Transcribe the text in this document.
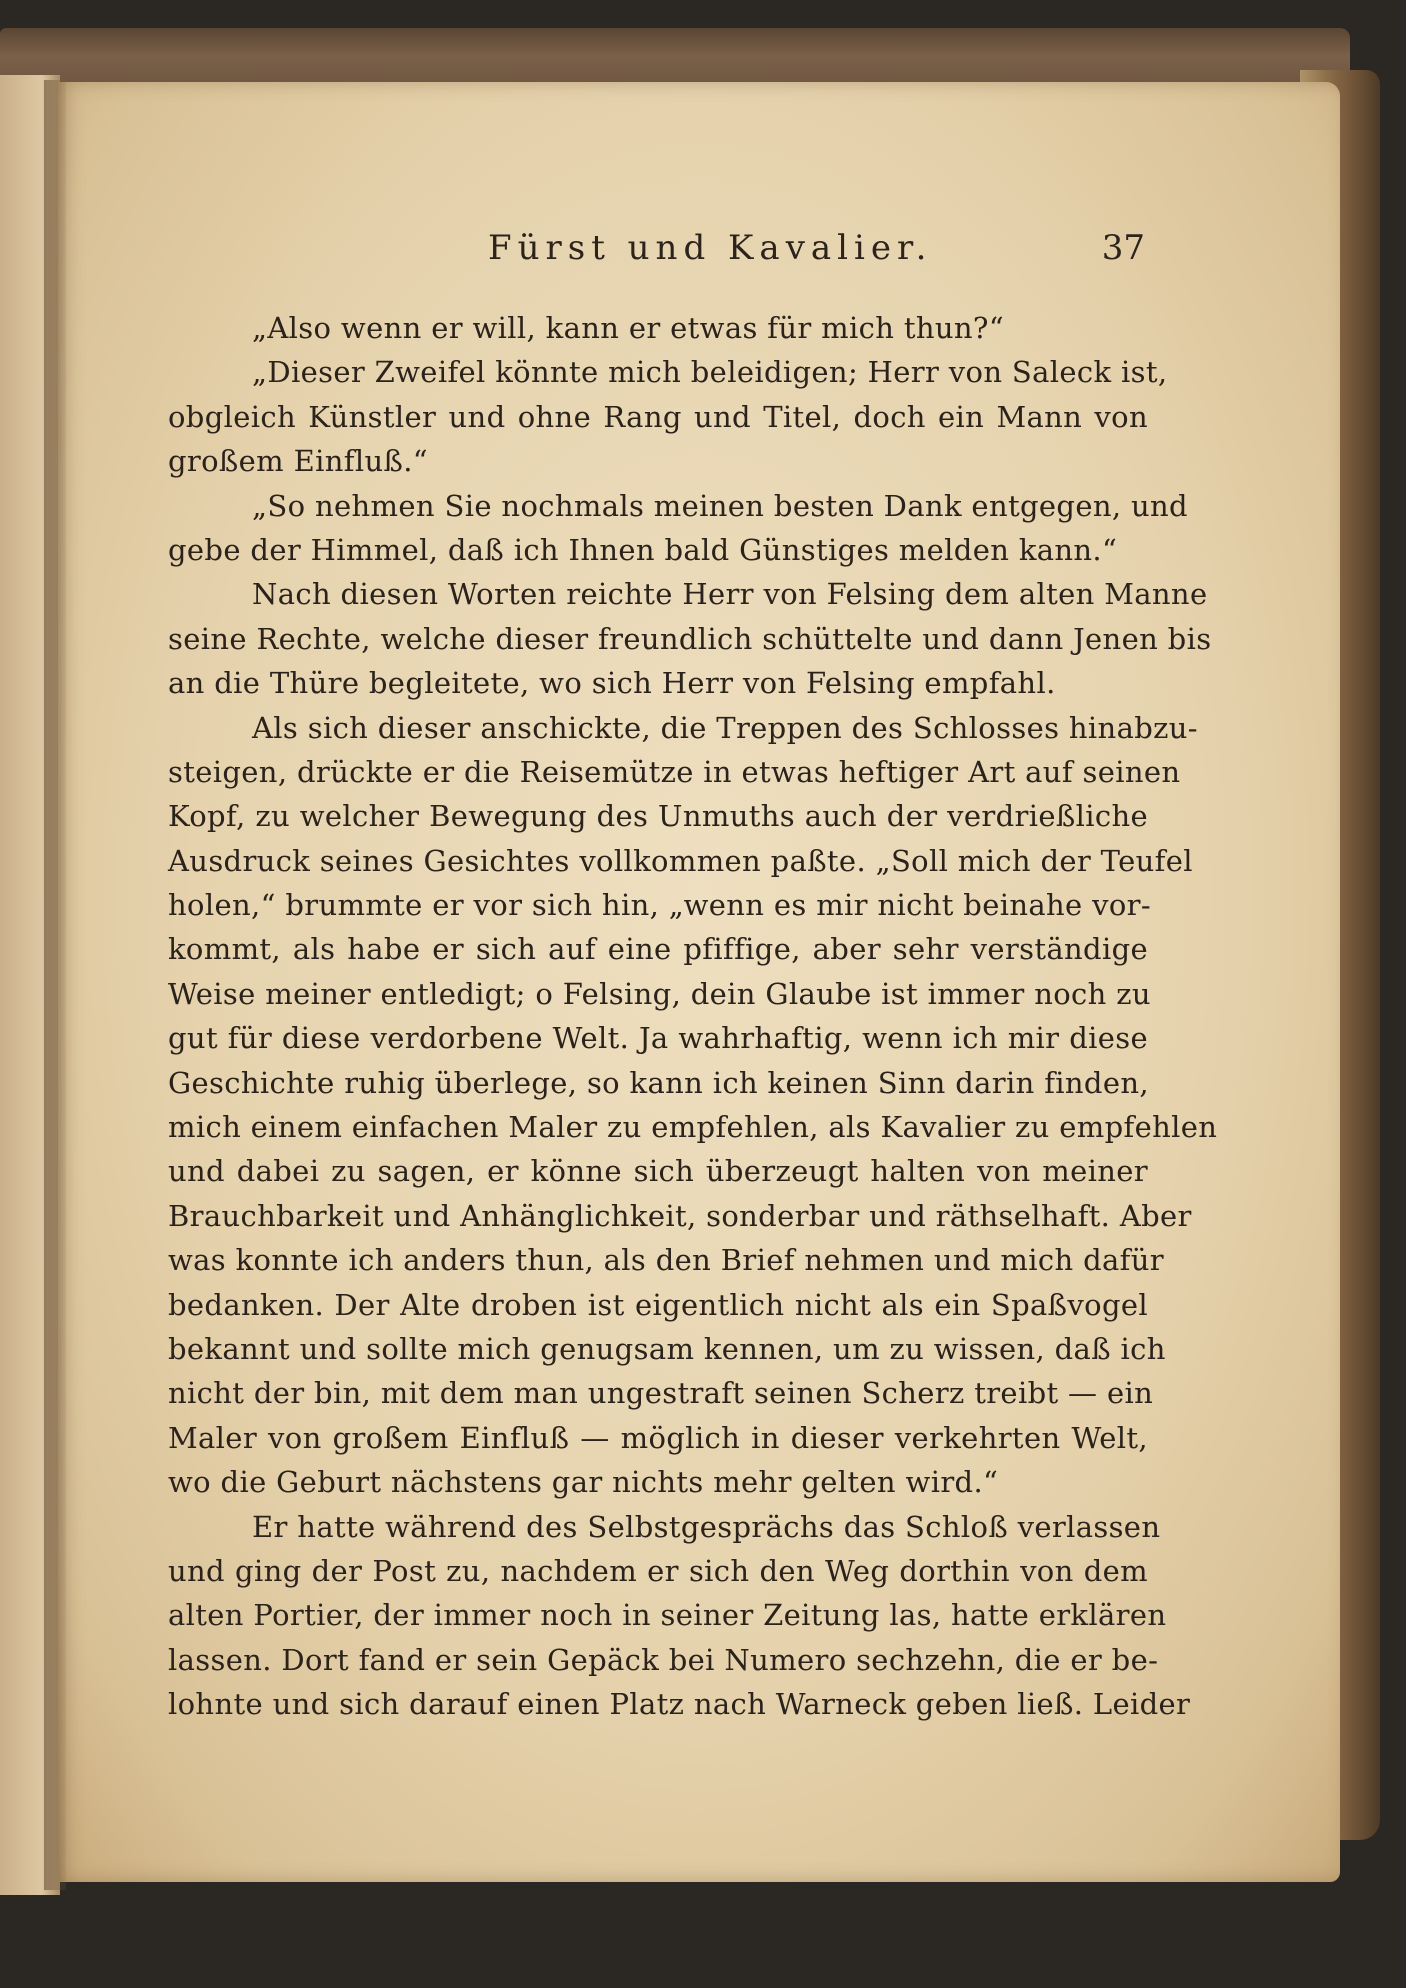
Fürst und Kavalier.	37
„Also wenn er will, kann er etwas für mich thun?“
„Dieser Zweifel könnte mich beleidigen; Herr von Saleck ist,
obgleich Künstler und ohne Rang und Titel, doch ein Mann von
großem Einfluß.“
„So nehmen Sie nochmals meinen besten Dank entgegen, und
gebe der Himmel, daß ich Ihnen bald Günstiges melden kann.“
Nach diesen Worten reichte Herr von Felsing dem alten Manne
seine Rechte, welche dieser freundlich schüttelte und dann Jenen bis
an die Thüre begleitete, wo sich Herr von Felsing empfahl.
Als sich dieser anschickte, die Treppen des Schlosses hinabzu-
steigen, drückte er die Reisemütze in etwas heftiger Art auf seinen
Kopf, zu welcher Bewegung des Unmuths auch der verdrießliche
Ausdruck seines Gesichtes vollkommen paßte. „Soll mich der Teufel
holen,“ brummte er vor sich hin, „wenn es mir nicht beinahe vor-
kommt, als habe er sich auf eine pfiffige, aber sehr verständige
Weise meiner entledigt; o Felsing, dein Glaube ist immer noch zu
gut für diese verdorbene Welt. Ja wahrhaftig, wenn ich mir diese
Geschichte ruhig überlege, so kann ich keinen Sinn darin finden,
mich einem einfachen Maler zu empfehlen, als Kavalier zu empfehlen
und dabei zu sagen, er könne sich überzeugt halten von meiner
Brauchbarkeit und Anhänglichkeit, sonderbar und räthselhaft. Aber
was konnte ich anders thun, als den Brief nehmen und mich dafür
bedanken. Der Alte droben ist eigentlich nicht als ein Spaßvogel
bekannt und sollte mich genugsam kennen, um zu wissen, daß ich
nicht der bin, mit dem man ungestraft seinen Scherz treibt — ein
Maler von großem Einfluß — möglich in dieser verkehrten Welt,
wo die Geburt nächstens gar nichts mehr gelten wird.“
Er hatte während des Selbstgesprächs das Schloß verlassen
und ging der Post zu, nachdem er sich den Weg dorthin von dem
alten Portier, der immer noch in seiner Zeitung las, hatte erklären
lassen. Dort fand er sein Gepäck bei Numero sechzehn, die er be-
lohnte und sich darauf einen Platz nach Warneck geben ließ. Leider
